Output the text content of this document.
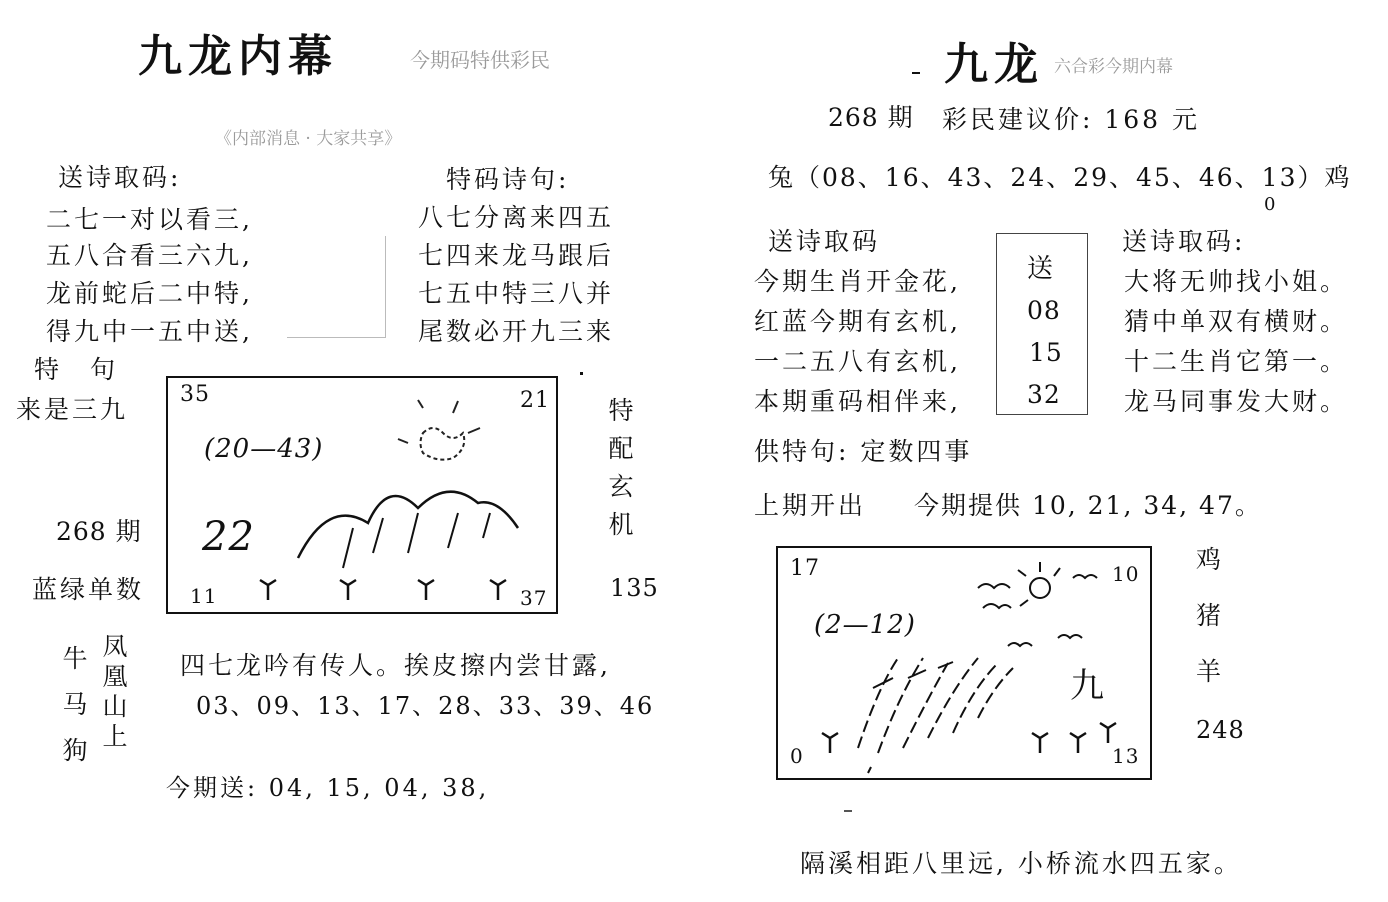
九龙内幕	今期码特供彩民
《内部消息 · 大家共享》
送诗取码:
二七一对以看三,
五八合看三六九,
龙前蛇后二中特,
得九中一五中送,
特码诗句:
八七分离来四五
七四来龙马跟后
七五中特三八并
尾数必开九三来
特　句
来是三九
268 期
蓝绿单数
35	21
11	37
(20—43)
22
特配玄机
135
牛马狗
凤凰山上
四七龙吟有传人。挨皮擦内尝甘露,
03、09、13、17、28、33、39、46
今期送: 04, 15, 04, 38,
九龙 六合彩今期内幕
268 期 彩民建议价: 168 元
兔（08、16、43、24、29、45、46、13）鸡
0
送诗取码
今期生肖开金花,
红蓝今期有玄机,
一二五八有玄机,
本期重码相伴来,
送
08
15
32
送诗取码:
大将无帅找小姐。
猜中单双有横财。
十二生肖它第一。
龙马同事发大财。
供特句: 定数四事
上期开出 今期提供 10, 21, 34, 47。
17	10
0	13
(2—12)
九
鸡
猪
羊
248
隔溪相距八里远, 小桥流水四五家。
